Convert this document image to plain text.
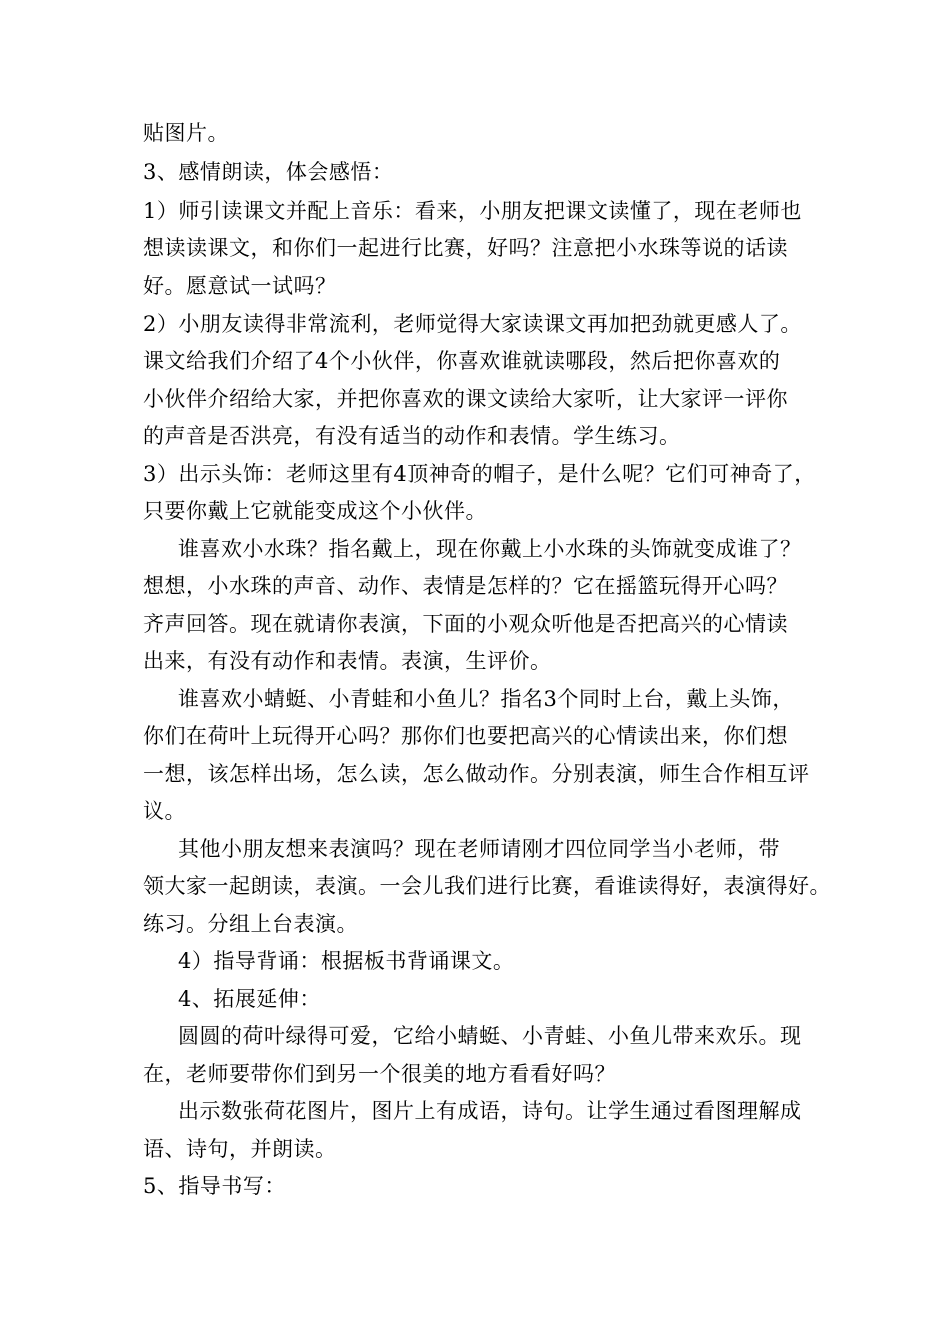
贴图片。
3、感情朗读，体会感悟：
1）师引读课文并配上音乐：看来，小朋友把课文读懂了，现在老师也
想读读课文，和你们一起进行比赛，好吗？注意把小水珠等说的话读
好。愿意试一试吗？
2）小朋友读得非常流利，老师觉得大家读课文再加把劲就更感人了。
课文给我们介绍了4个小伙伴，你喜欢谁就读哪段，然后把你喜欢的
小伙伴介绍给大家，并把你喜欢的课文读给大家听，让大家评一评你
的声音是否洪亮，有没有适当的动作和表情。学生练习。
3）出示头饰：老师这里有4顶神奇的帽子，是什么呢？它们可神奇了，
只要你戴上它就能变成这个小伙伴。
谁喜欢小水珠？指名戴上，现在你戴上小水珠的头饰就变成谁了？
想想，小水珠的声音、动作、表情是怎样的？它在摇篮玩得开心吗？
齐声回答。现在就请你表演，下面的小观众听他是否把高兴的心情读
出来，有没有动作和表情。表演，生评价。
谁喜欢小蜻蜓、小青蛙和小鱼儿？指名3个同时上台，戴上头饰，
你们在荷叶上玩得开心吗？那你们也要把高兴的心情读出来，你们想
一想，该怎样出场，怎么读，怎么做动作。分别表演，师生合作相互评
议。
其他小朋友想来表演吗？现在老师请刚才四位同学当小老师，带
领大家一起朗读，表演。一会儿我们进行比赛，看谁读得好，表演得好。
练习。分组上台表演。
4）指导背诵：根据板书背诵课文。
4、拓展延伸：
圆圆的荷叶绿得可爱，它给小蜻蜓、小青蛙、小鱼儿带来欢乐。现
在，老师要带你们到另一个很美的地方看看好吗？
出示数张荷花图片，图片上有成语，诗句。让学生通过看图理解成
语、诗句，并朗读。
5、指导书写：
